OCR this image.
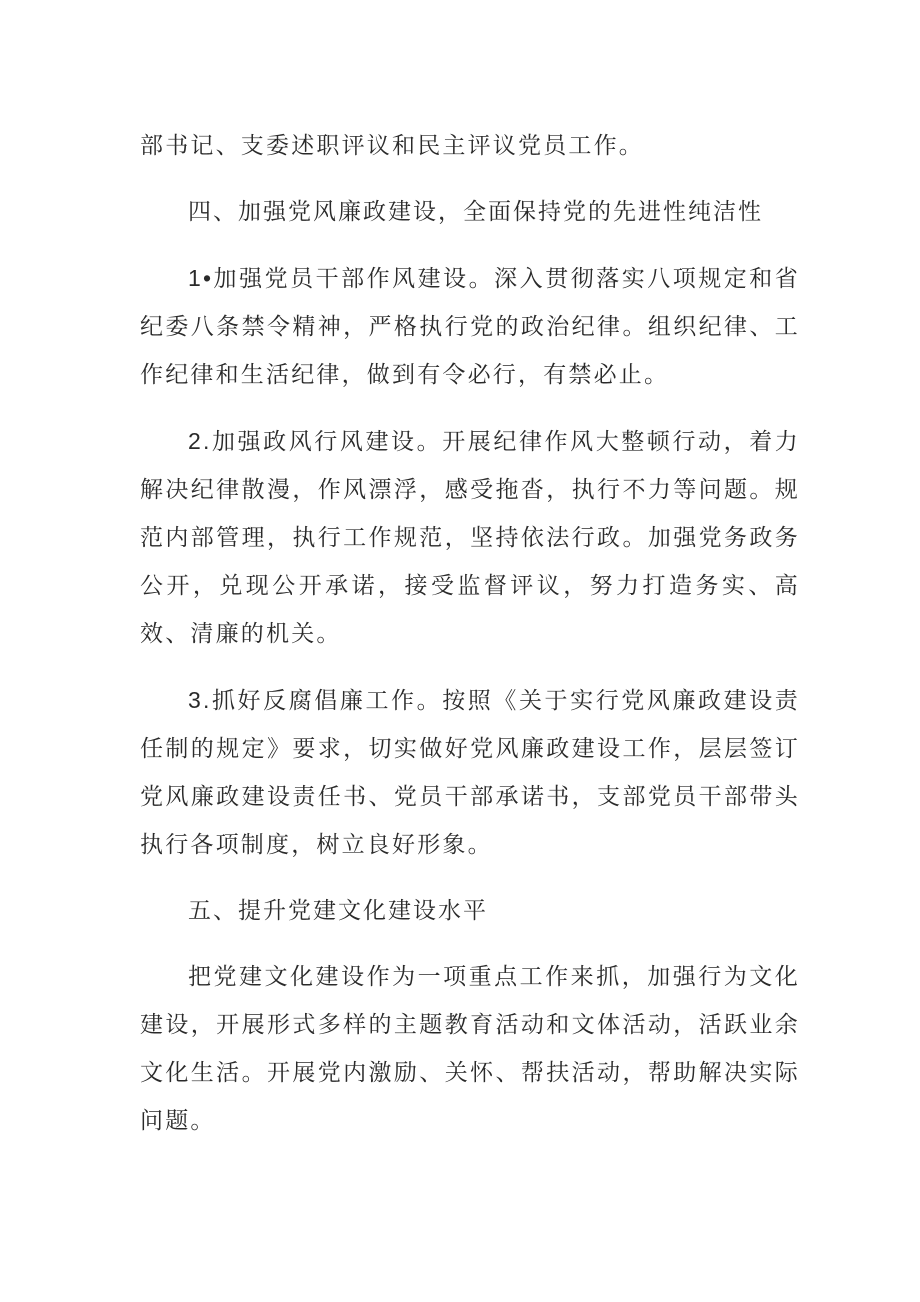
部书记、支委述职评议和民主评议党员工作。

四、加强党风廉政建设，全面保持党的先进性纯洁性

1•加强党员干部作风建设。深入贯彻落实八项规定和省纪委八条禁令精神，严格执行党的政治纪律。组织纪律、工作纪律和生活纪律，做到有令必行，有禁必止。

2.加强政风行风建设。开展纪律作风大整顿行动，着力解决纪律散漫，作风漂浮，感受拖沓，执行不力等问题。规范内部管理，执行工作规范，坚持依法行政。加强党务政务公开，兑现公开承诺，接受监督评议，努力打造务实、高效、清廉的机关。

3.抓好反腐倡廉工作。按照《关于实行党风廉政建设责任制的规定》要求，切实做好党风廉政建设工作，层层签订党风廉政建设责任书、党员干部承诺书，支部党员干部带头执行各项制度，树立良好形象。

五、提升党建文化建设水平

把党建文化建设作为一项重点工作来抓，加强行为文化建设，开展形式多样的主题教育活动和文体活动，活跃业余文化生活。开展党内激励、关怀、帮扶活动，帮助解决实际问题。
